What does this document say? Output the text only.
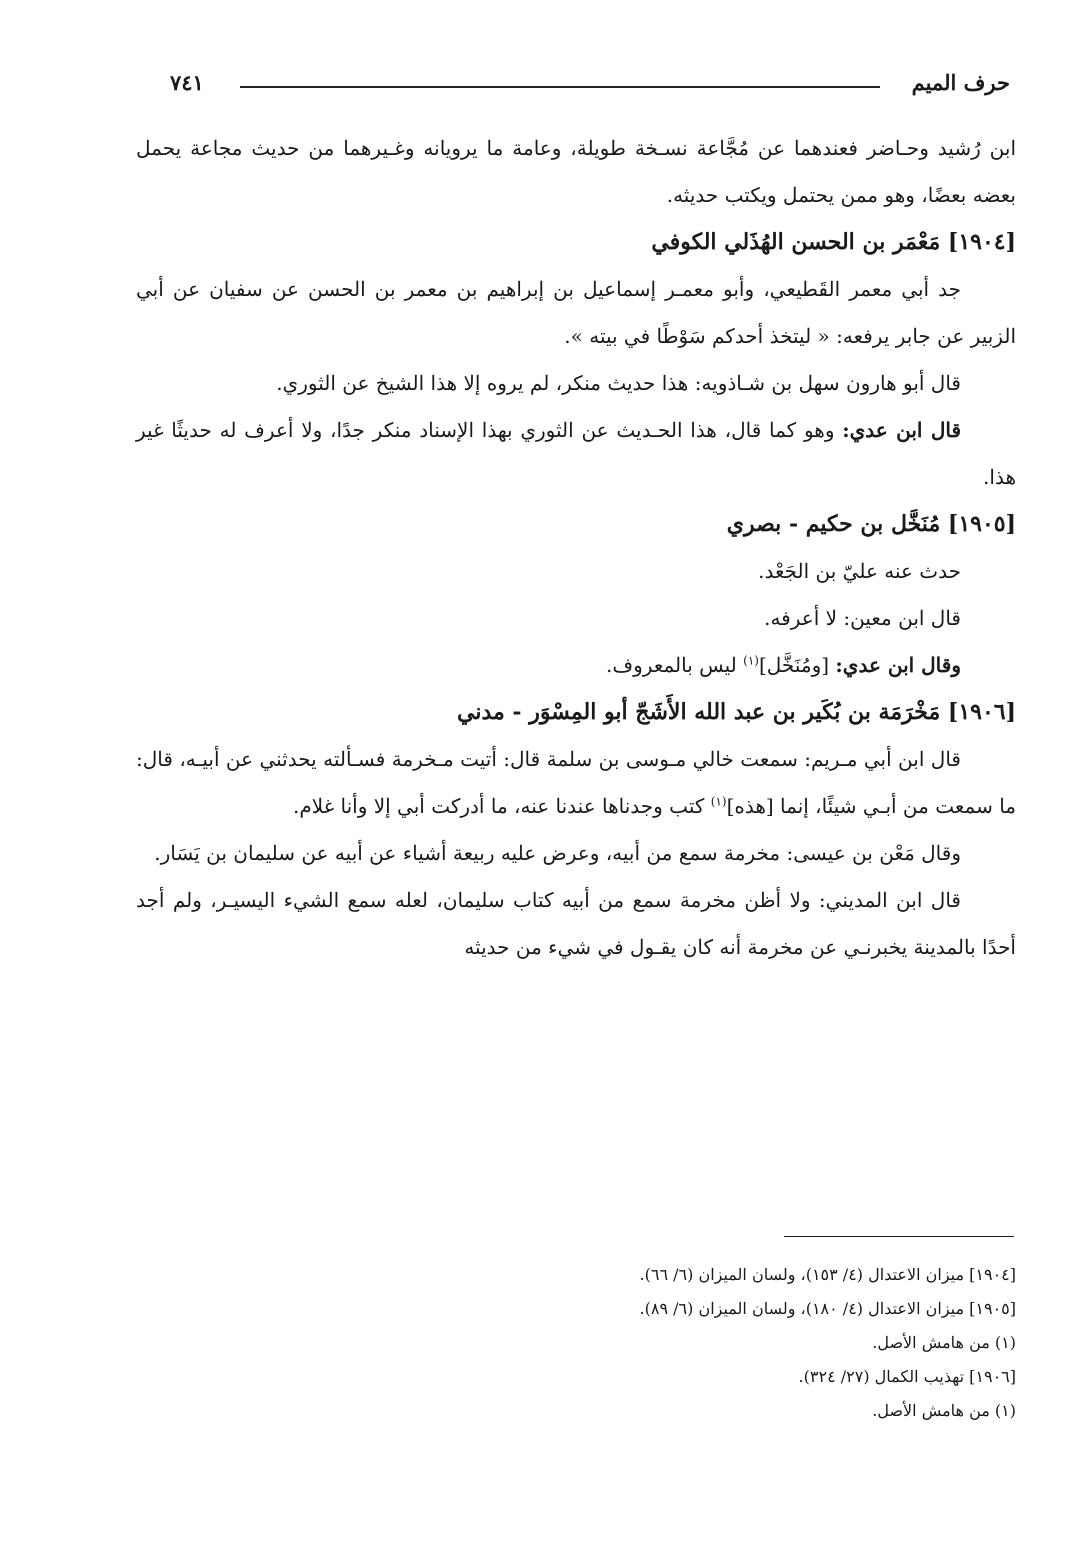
حرف الميم
٧٤١

ابن رُشيد وحـاضر فعندهما عن مُجَّاعة نسـخة طويلة، وعامة ما يرويانه وغـيرهما من حديث مجاعة يحمل بعضه بعضًا، وهو ممن يحتمل ويكتب حديثه.

[١٩٠٤] مَعْمَر بن الحسن الهُذَلي الكوفي

جد أبي معمر القَطيعي، وأبو معمـر إسماعيل بن إبراهيم بن معمر بن الحسن عن سفيان عن أبي الزبير عن جابر يرفعه: « ليتخذ أحدكم سَوْطًا في بيته ».

قال أبو هارون سهل بن شـاذويه: هذا حديث منكر، لم يروه إلا هذا الشيخ عن الثوري.

قال ابن عدي: وهو كما قال، هذا الحـديث عن الثوري بهذا الإسناد منكر جدًا، ولا أعرف له حديثًا غير هذا.

[١٩٠٥] مُنَخَّل بن حكيم - بصري

حدث عنه عليّ بن الجَعْد.

قال ابن معين: لا أعرفه.

وقال ابن عدي: [ومُنَخَّل]$^{(١)}$ ليس بالمعروف.

[١٩٠٦] مَخْرَمَة بن بُكَير بن عبد الله الأَشَجّ أبو المِسْوَر - مدني

قال ابن أبي مـريم: سمعت خالي مـوسى بن سلمة قال: أتيت مـخرمة فسـألته يحدثني عن أبيـه، قال: ما سمعت من أبـي شيئًا، إنما [هذه]$^{(١)}$ كتب وجدناها عندنا عنه، ما أدركت أبي إلا وأنا غلام.

وقال مَعْن بن عيسى: مخرمة سمع من أبيه، وعرض عليه ربيعة أشياء عن أبيه عن سليمان بن يَسَار.

قال ابن المديني: ولا أظن مخرمة سمع من أبيه كتاب سليمان، لعله سمع الشيء اليسيـر، ولم أجد أحدًا بالمدينة يخبرنـي عن مخرمة أنه كان يقـول في شيء من حديثه

[١٩٠٤] ميزان الاعتدال (٤/ ١٥٣)، ولسان الميزان (٦/ ٦٦).
[١٩٠٥] ميزان الاعتدال (٤/ ١٨٠)، ولسان الميزان (٦/ ٨٩).
(١) من هامش الأصل.
[١٩٠٦] تهذيب الكمال (٢٧/ ٣٢٤).
(١) من هامش الأصل.
